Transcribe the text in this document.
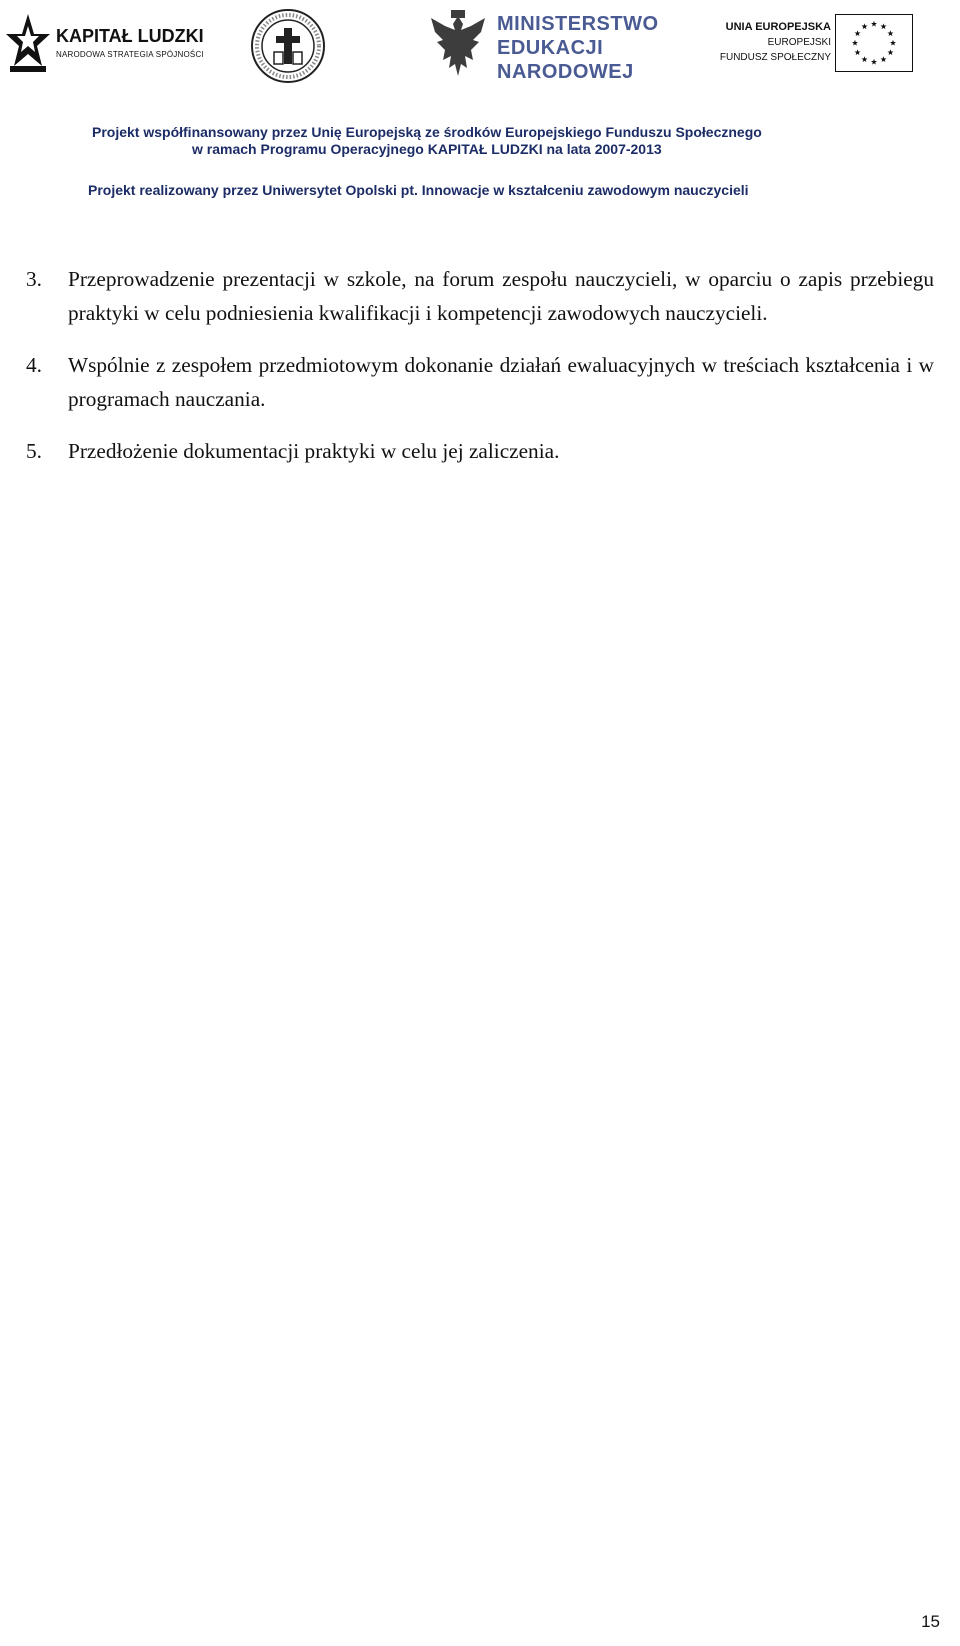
KAPITAŁ LUDZKI
NARODOWA STRATEGIA SPÓJNOŚCI
MINISTERSTWO
EDUKACJI
NARODOWEJ
UNIA EUROPEJSKA
EUROPEJSKI
FUNDUSZ SPOŁECZNY
Projekt współfinansowany przez Unię Europejską ze środków Europejskiego Funduszu Społecznego
w ramach Programu Operacyjnego KAPITAŁ LUDZKI na lata 2007-2013
Projekt realizowany przez Uniwersytet Opolski pt. Innowacje w kształceniu zawodowym nauczycieli
3. Przeprowadzenie prezentacji w szkole, na forum zespołu nauczycieli, w oparciu o zapis przebiegu praktyki w celu podniesienia kwalifikacji i kompetencji zawodowych nauczycieli.
4. Wspólnie z zespołem przedmiotowym dokonanie działań ewaluacyjnych w treściach kształcenia i w programach nauczania.
5. Przedłożenie dokumentacji praktyki w celu jej zaliczenia.
15
